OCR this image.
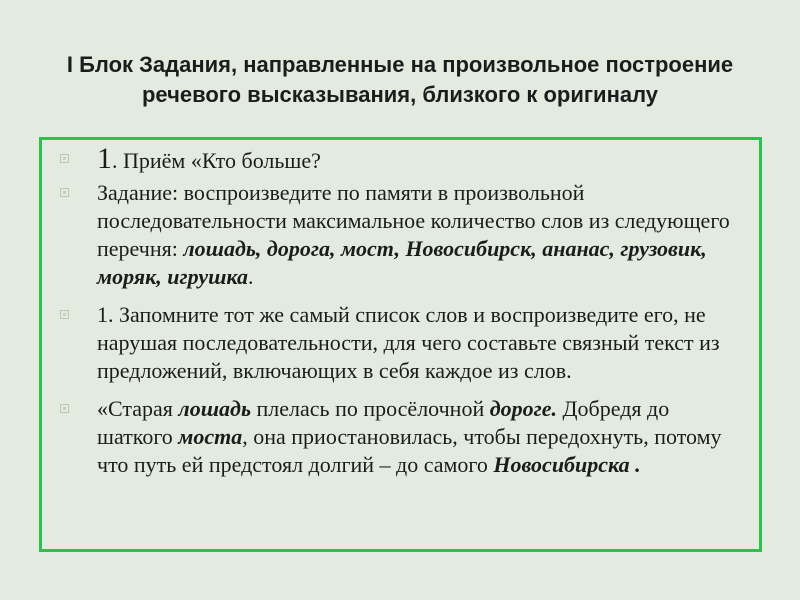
I Блок Задания, направленные на произвольное построение речевого высказывания, близкого к оригиналу
1. Приём «Кто больше?
Задание: воспроизведите по памяти в произвольной последовательности максимальное количество слов из следующего перечня: лошадь, дорога, мост, Новосибирск, ананас, грузовик, моряк, игрушка.
1. Запомните тот же самый список слов и воспроизведите его, не нарушая последовательности, для чего составьте связный текст из предложений, включающих в себя каждое из слов.
«Старая лошадь плелась по просёлочной дороге. Добредя до шаткого моста, она приостановилась, чтобы передохнуть, потому что путь ей предстоял долгий – до самого Новосибирска .
